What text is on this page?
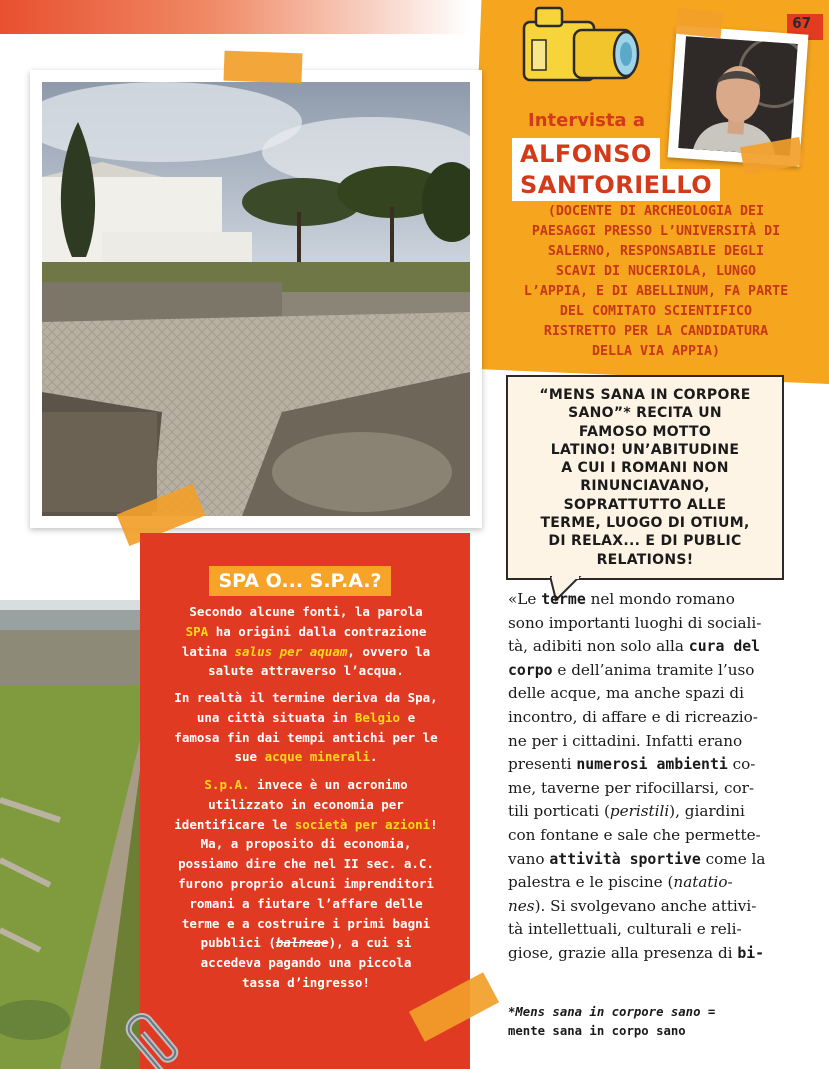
67
Intervista a
ALFONSO
SANTORIELLO
(DOCENTE DI ARCHEOLOGIA DEI
PAESAGGI PRESSO L’UNIVERSITÀ DI
SALERNO, RESPONSABILE DEGLI
SCAVI DI NUCERIOLA, LUNGO
L’APPIA, E DI ABELLINUM, FA PARTE
DEL COMITATO SCIENTIFICO
RISTRETTO PER LA CANDIDATURA
DELLA VIA APPIA)
“MENS SANA IN CORPORE
SANO”* RECITA UN
FAMOSO MOTTO
LATINO! UN’ABITUDINE
A CUI I ROMANI NON
RINUNCIAVANO,
SOPRATTUTTO ALLE
TERME, LUOGO DI OTIUM,
DI RELAX... E DI PUBLIC
RELATIONS!
SPA O... S.P.A.?
Secondo alcune fonti, la parola
SPA ha origini dalla contrazione
latina salus per aquam, ovvero la
salute attraverso l’acqua.
In realtà il termine deriva da Spa,
una città situata in Belgio e
famosa fin dai tempi antichi per le
sue acque minerali.
S.p.A. invece è un acronimo
utilizzato in economia per
identificare le società per azioni!
Ma, a proposito di economia,
possiamo dire che nel II sec. a.C.
furono proprio alcuni imprenditori
romani a fiutare l’affare delle
terme e a costruire i primi bagni
pubblici (balneae), a cui si
accedeva pagando una piccola
tassa d’ingresso!
«Le terme nel mondo romano
sono importanti luoghi di sociali-
tà, adibiti non solo alla cura del
corpo e dell’anima tramite l’uso
delle acque, ma anche spazi di
incontro, di affare e di ricreazio-
ne per i cittadini. Infatti erano
presenti numerosi ambienti co-
me, taverne per rifocillarsi, cor-
tili porticati (peristili), giardini
con fontane e sale che permette-
vano attività sportive come la
palestra e le piscine (natatio-
nes). Si svolgevano anche attivi-
tà intellettuali, culturali e reli-
giose, grazie alla presenza di bi-
*Mens sana in corpore sano =
mente sana in corpo sano
